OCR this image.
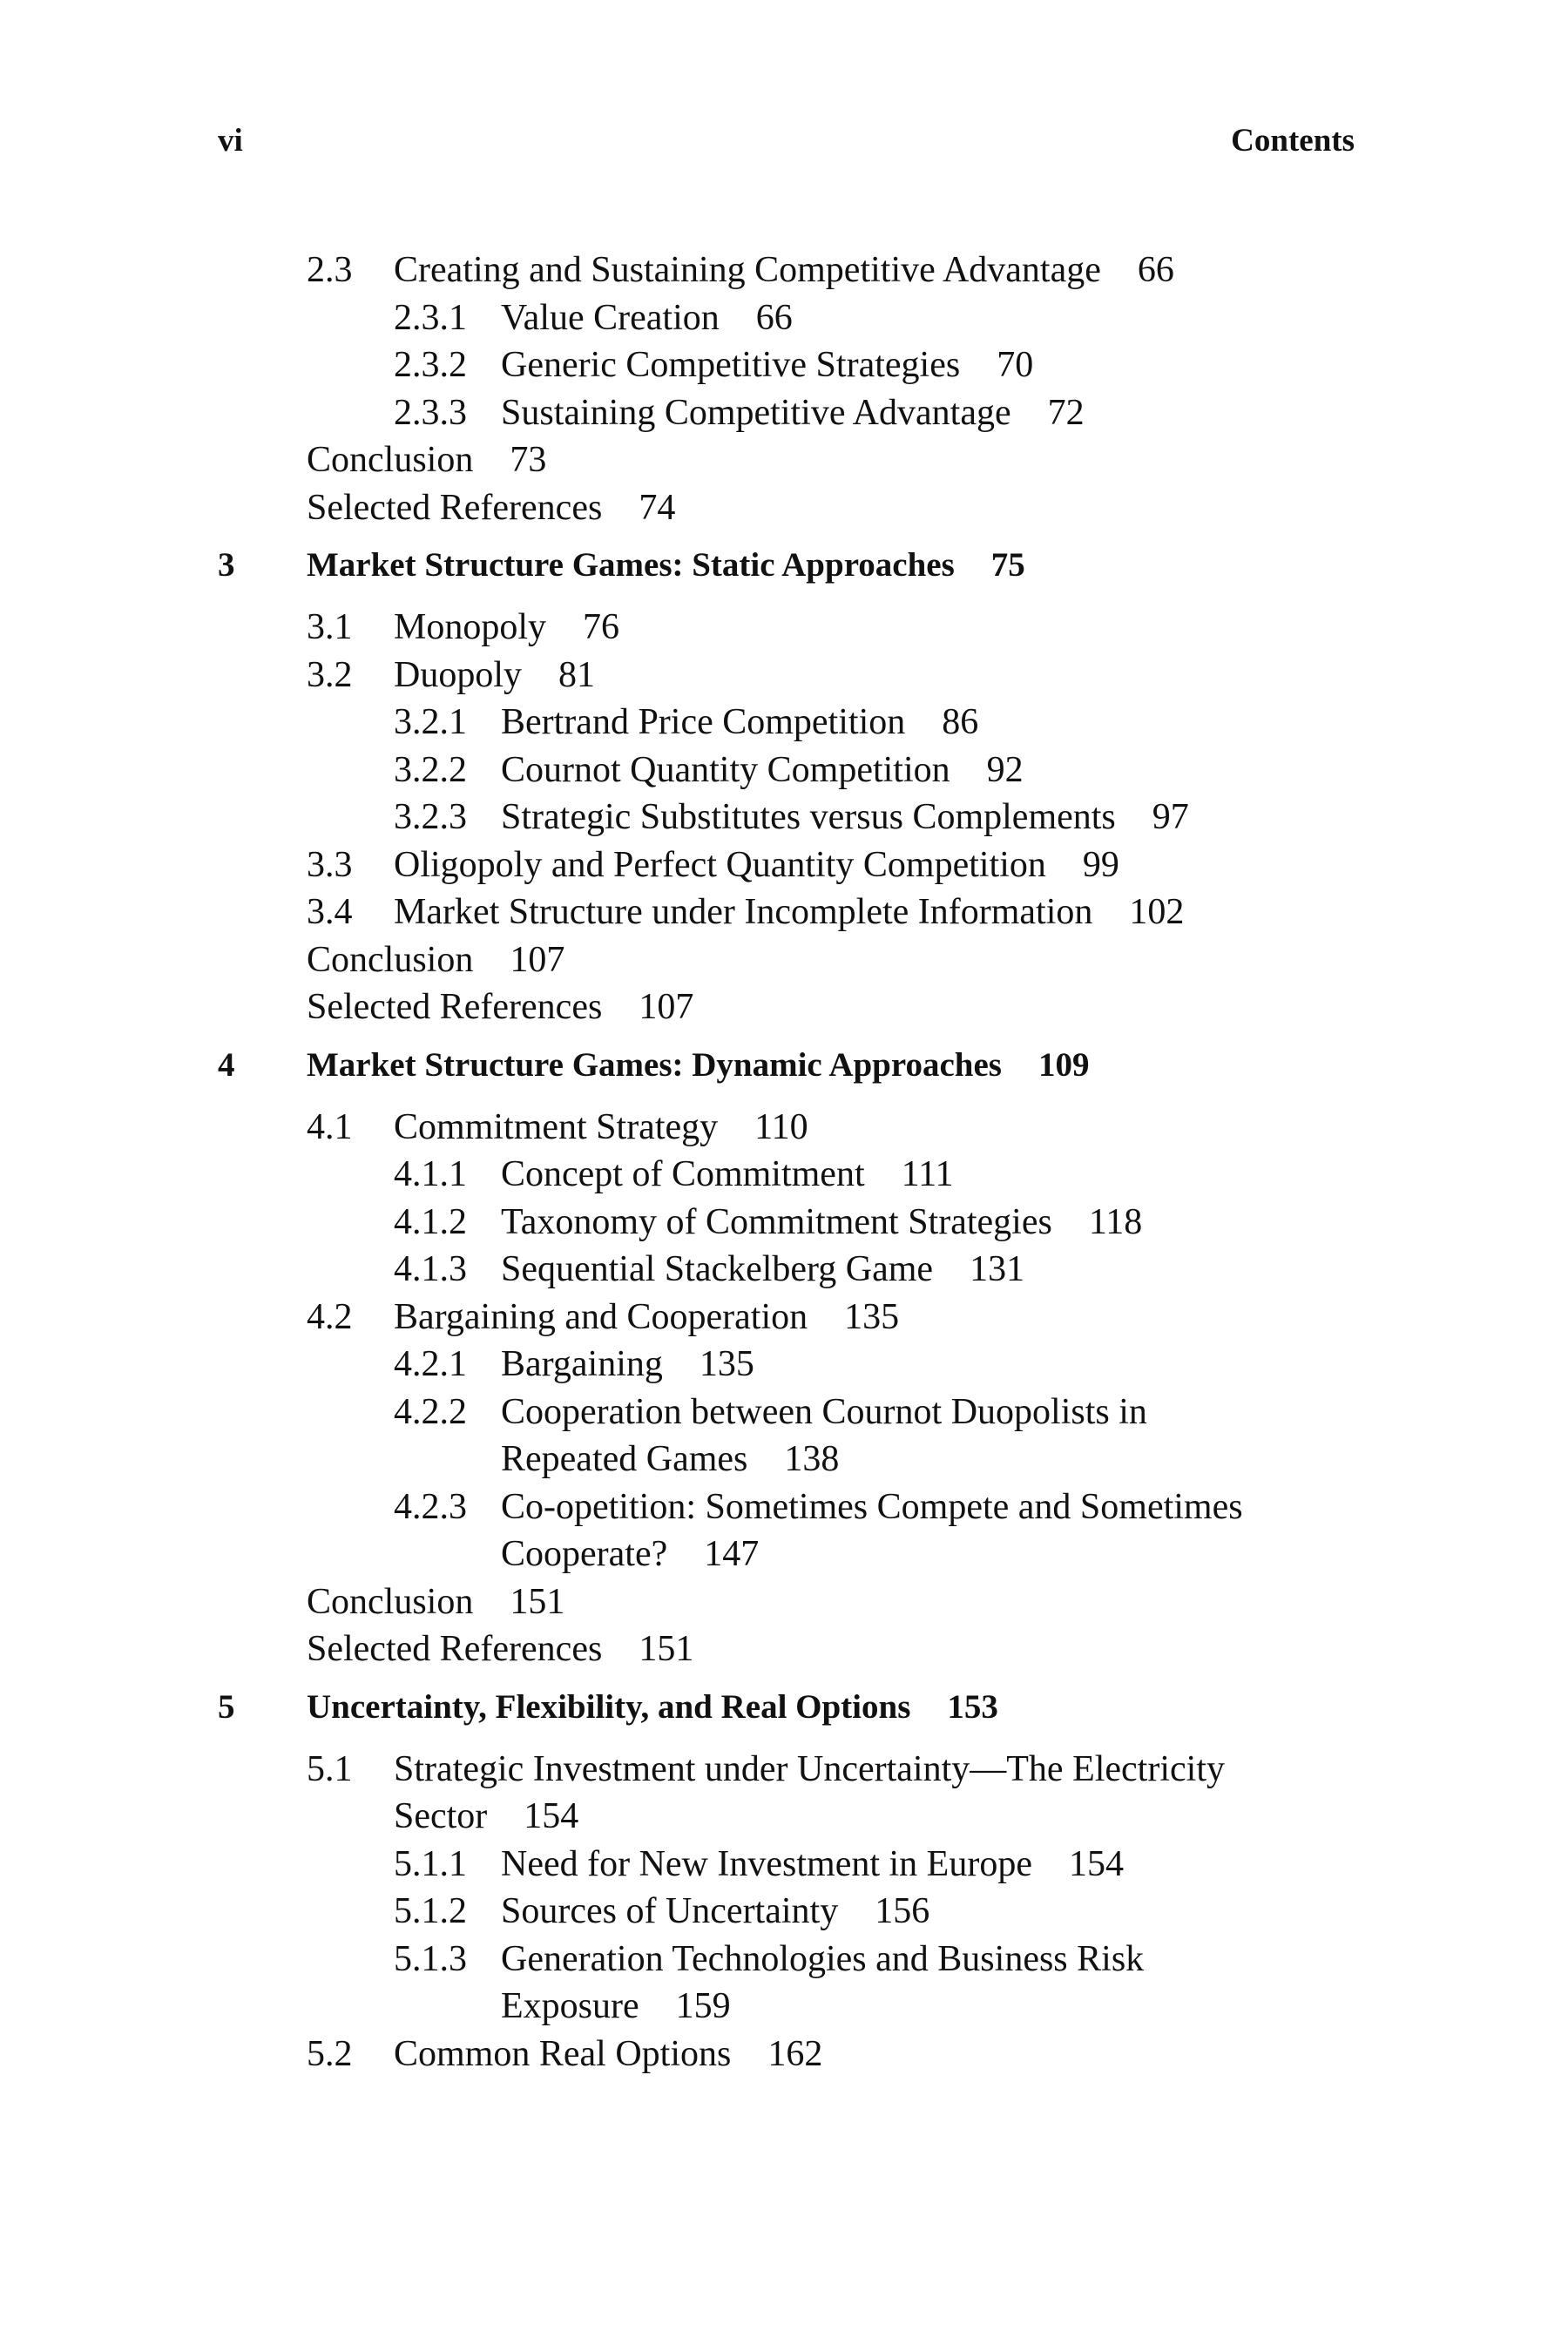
vi	Contents
2.3 Creating and Sustaining Competitive Advantage 66
2.3.1 Value Creation 66
2.3.2 Generic Competitive Strategies 70
2.3.3 Sustaining Competitive Advantage 72
Conclusion 73
Selected References 74
3 Market Structure Games: Static Approaches 75
3.1 Monopoly 76
3.2 Duopoly 81
3.2.1 Bertrand Price Competition 86
3.2.2 Cournot Quantity Competition 92
3.2.3 Strategic Substitutes versus Complements 97
3.3 Oligopoly and Perfect Quantity Competition 99
3.4 Market Structure under Incomplete Information 102
Conclusion 107
Selected References 107
4 Market Structure Games: Dynamic Approaches 109
4.1 Commitment Strategy 110
4.1.1 Concept of Commitment 111
4.1.2 Taxonomy of Commitment Strategies 118
4.1.3 Sequential Stackelberg Game 131
4.2 Bargaining and Cooperation 135
4.2.1 Bargaining 135
4.2.2 Cooperation between Cournot Duopolists in
Repeated Games 138
4.2.3 Co-opetition: Sometimes Compete and Sometimes
Cooperate? 147
Conclusion 151
Selected References 151
5 Uncertainty, Flexibility, and Real Options 153
5.1 Strategic Investment under Uncertainty—The Electricity
Sector 154
5.1.1 Need for New Investment in Europe 154
5.1.2 Sources of Uncertainty 156
5.1.3 Generation Technologies and Business Risk
Exposure 159
5.2 Common Real Options 162
